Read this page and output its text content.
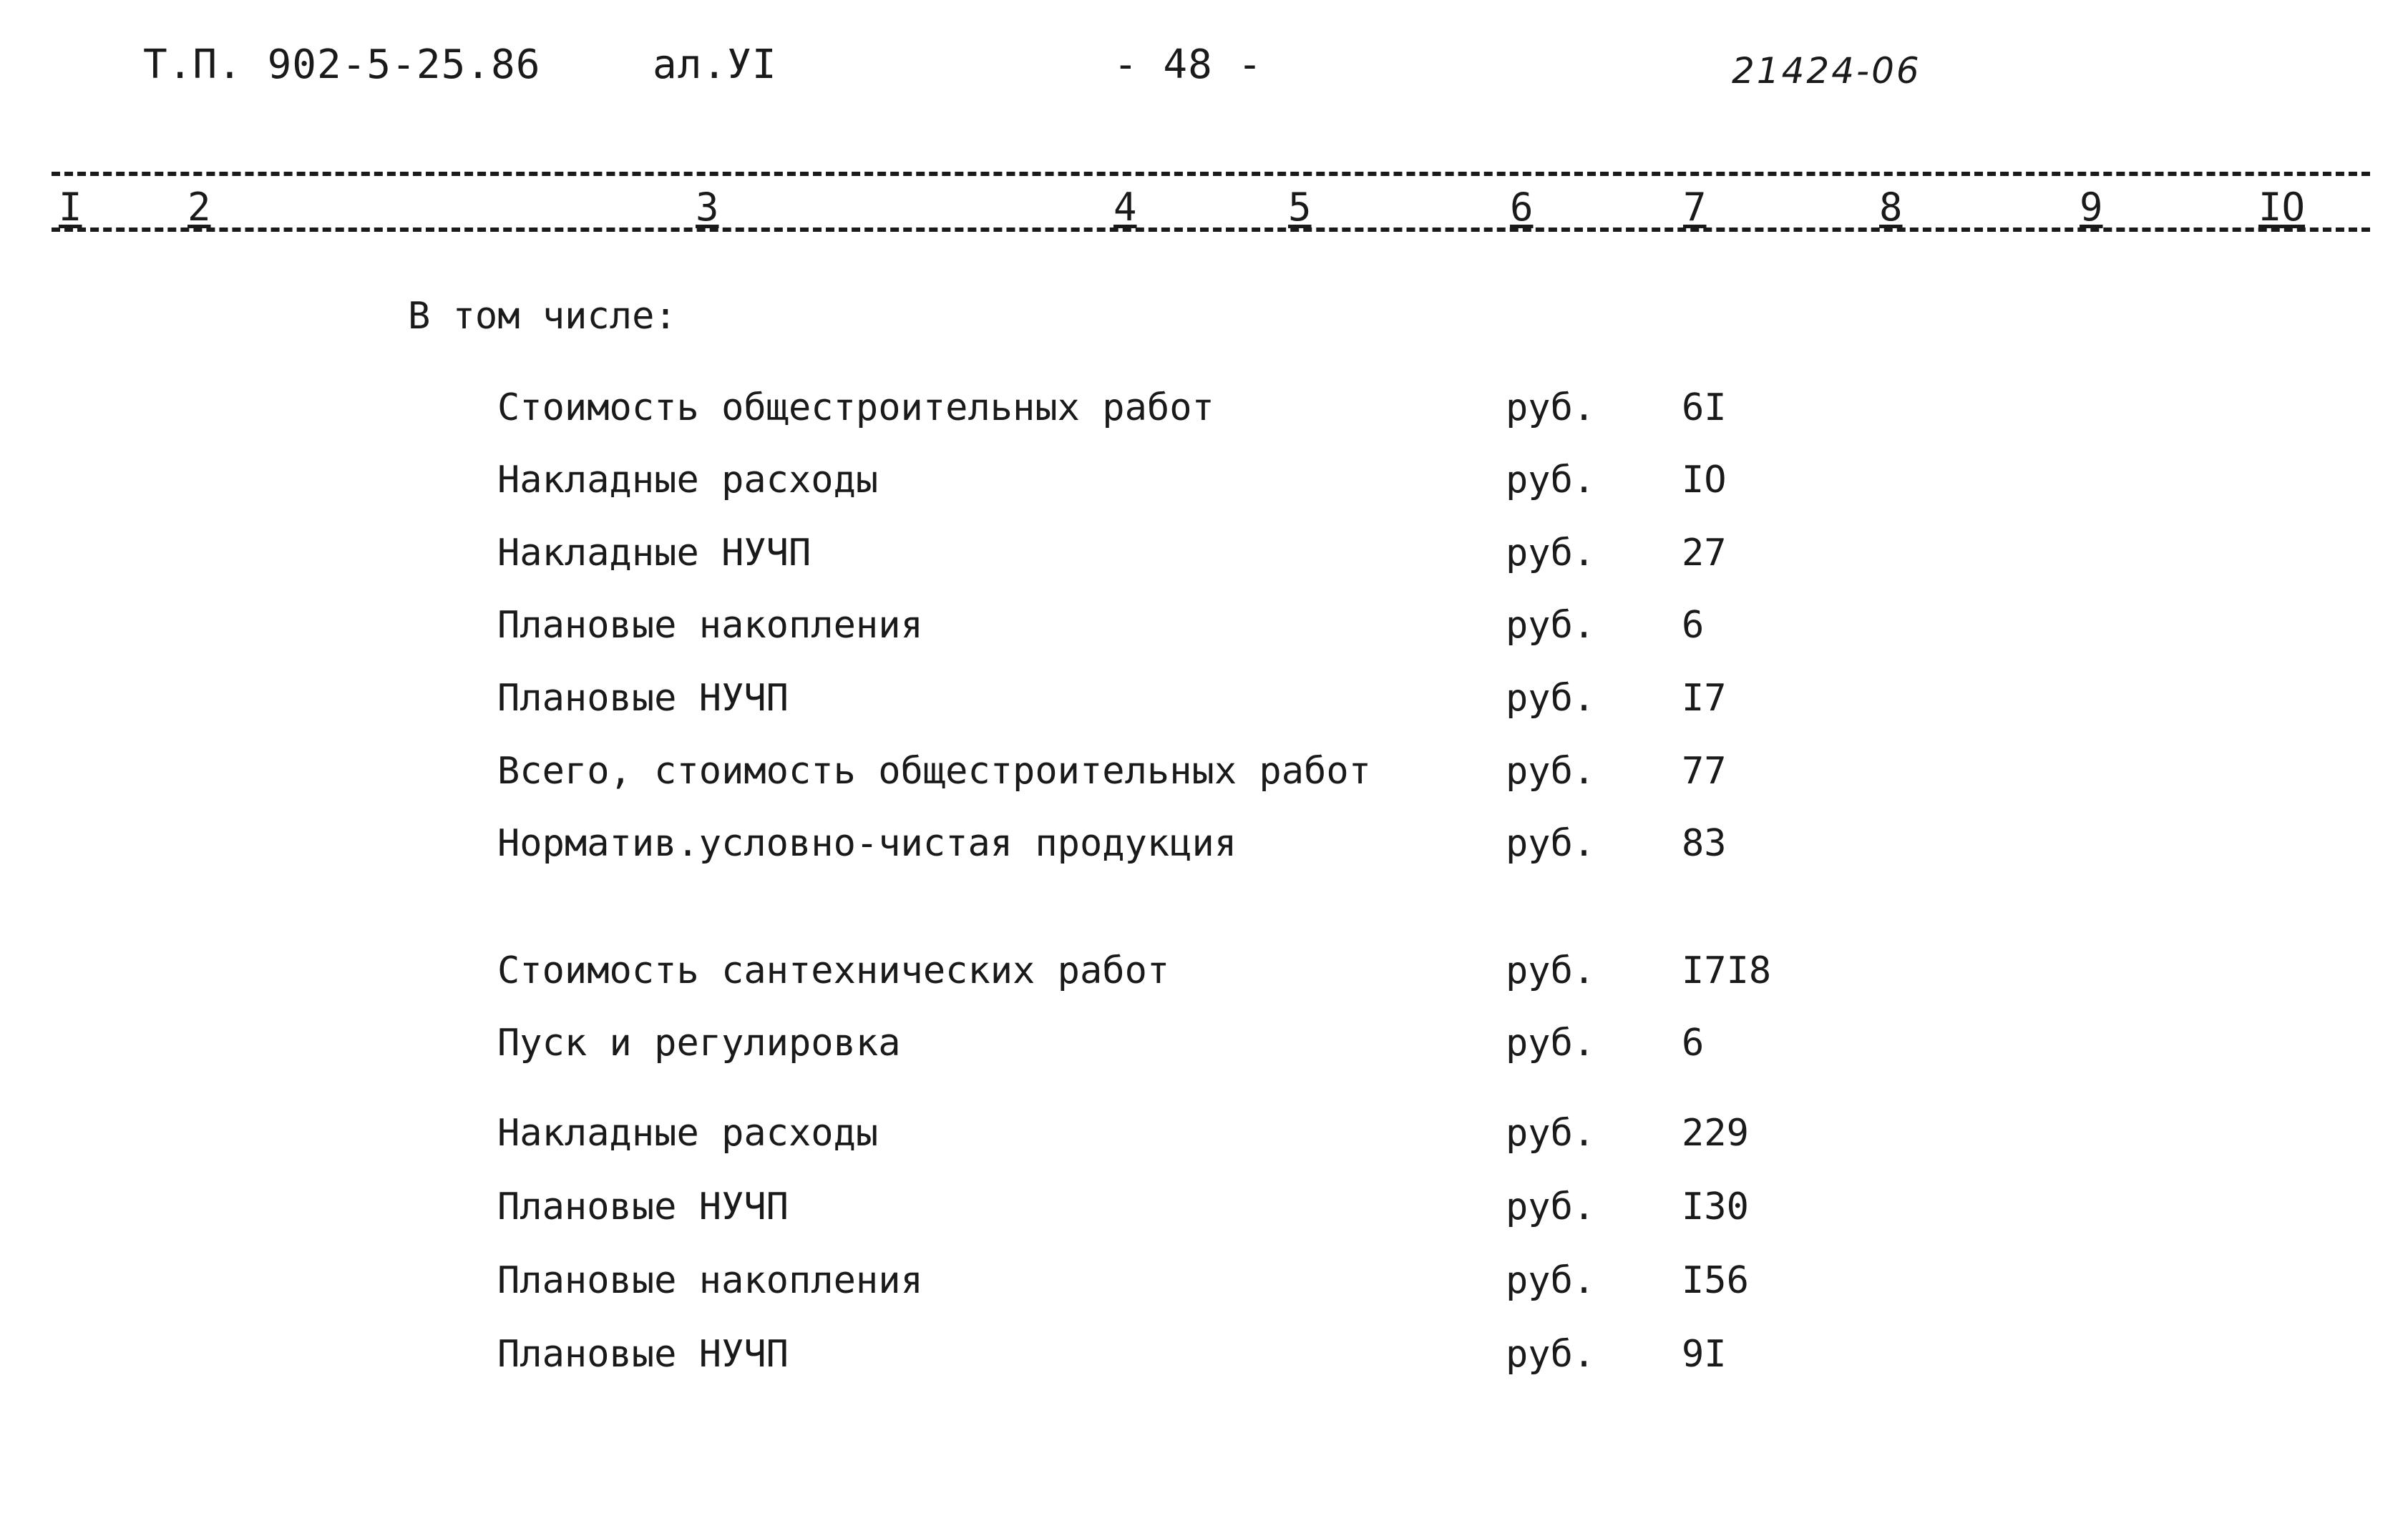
Т.П. 902-5-25.86	ал.УI	- 48 -	21424-06
I	2	3	4	5	6	7	8	9	IO
В том числе:
Стоимость общестроительных работ	руб. 6I
Накладные расходы	руб. IO
Накладные НУЧП	руб. 27
Плановые накопления	руб. 6
Плановые НУЧП	руб. I7
Всего, стоимость общестроительных работ	руб. 77
Норматив.условно-чистая продукция	руб. 83
Стоимость сантехнических работ	руб. I7I8
Пуск и регулировка	руб. 6
Накладные расходы	руб. 229
Плановые НУЧП	руб. I30
Плановые накопления	руб. I56
Плановые НУЧП	руб. 9I
